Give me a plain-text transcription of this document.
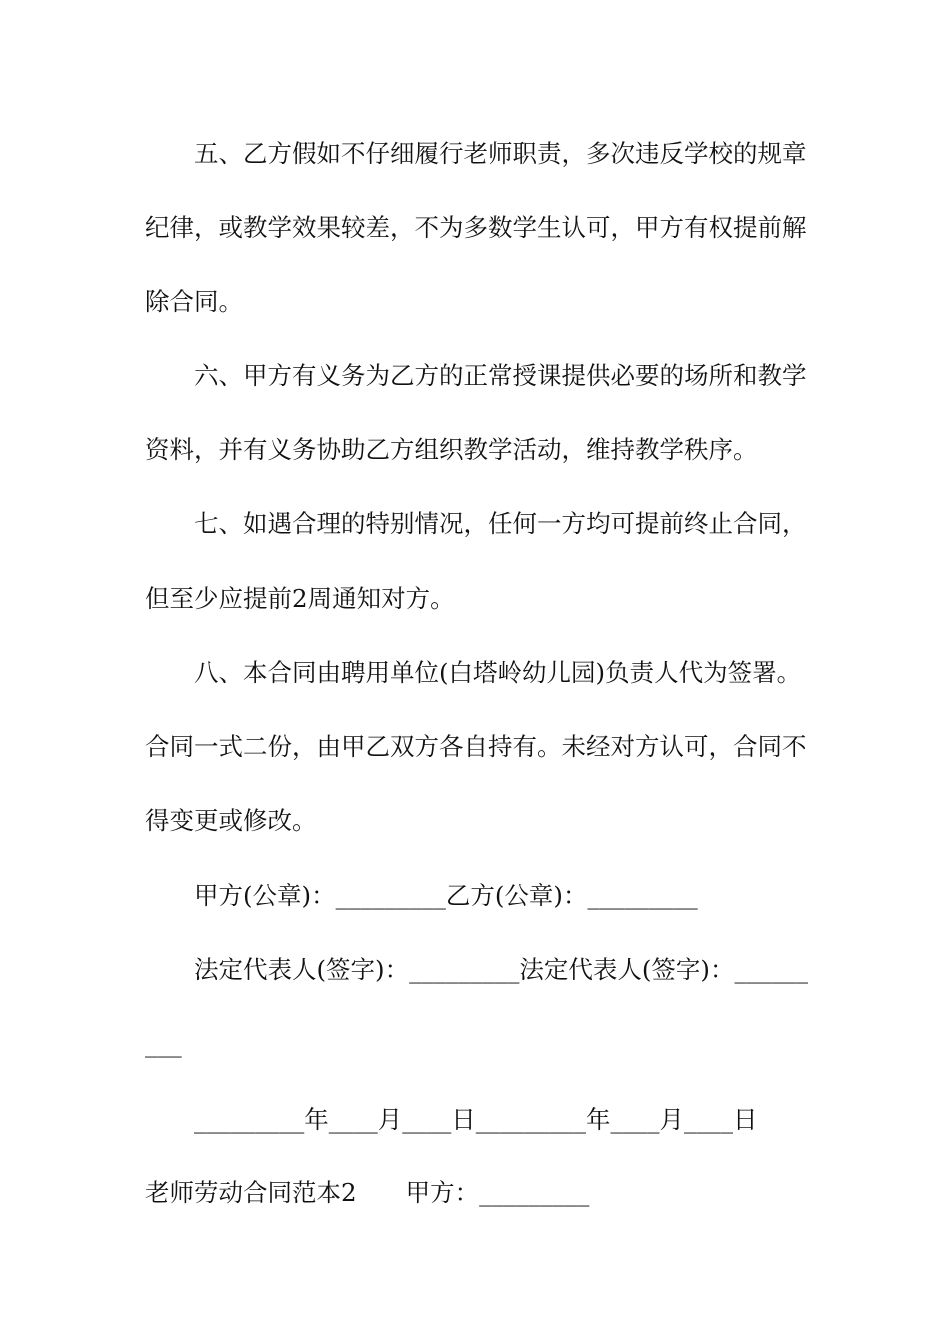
五、乙方假如不仔细履行老师职责，多次违反学校的规章
纪律，或教学效果较差，不为多数学生认可，甲方有权提前解
除合同。
六、甲方有义务为乙方的正常授课提供必要的场所和教学
资料，并有义务协助乙方组织教学活动，维持教学秩序。
七、如遇合理的特别情况，任何一方均可提前终止合同，
但至少应提前2周通知对方。
八、本合同由聘用单位(白塔岭幼儿园)负责人代为签署。
合同一式二份，由甲乙双方各自持有。未经对方认可，合同不
得变更或修改。
甲方(公章)：_________乙方(公章)：_________
法定代表人(签字)：_________法定代表人(签字)：______
___
_________年____月____日_________年____月____日
老师劳动合同范本2　　甲方：_________
